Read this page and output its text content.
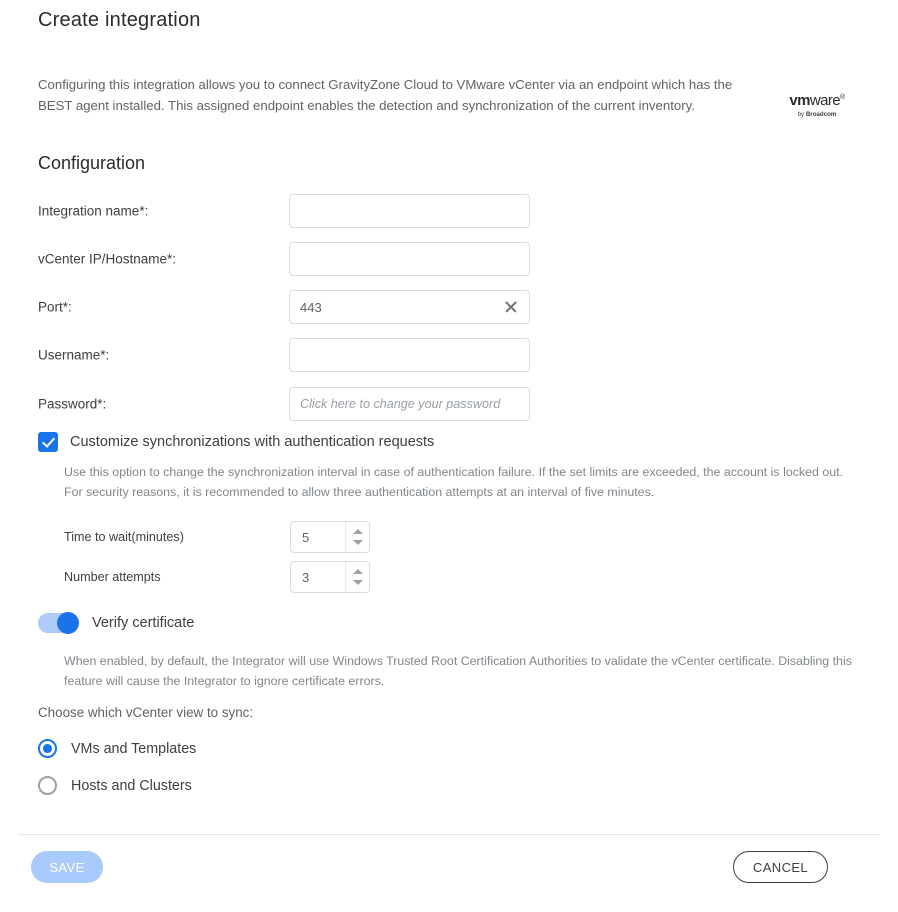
Create integration
Configuring this integration allows you to connect GravityZone Cloud to VMware vCenter via an endpoint which has the BEST agent installed. This assigned endpoint enables the detection and synchronization of the current inventory.	vmware®
by Broadcom
Configuration
Integration name*:
vCenter IP/Hostname*:
Port*:	443
Username*:
Password*:	Click here to change your password
Customize synchronizations with authentication requests
Use this option to change the synchronization interval in case of authentication failure. If the set limits are exceeded, the account is locked out. For security reasons, it is recommended to allow three authentication attempts at an interval of five minutes.
Time to wait(minutes)	5
Number attempts	3
Verify certificate
When enabled, by default, the Integrator will use Windows Trusted Root Certification Authorities to validate the vCenter certificate. Disabling this feature will cause the Integrator to ignore certificate errors.
Choose which vCenter view to sync:
VMs and Templates
Hosts and Clusters
SAVE	CANCEL
